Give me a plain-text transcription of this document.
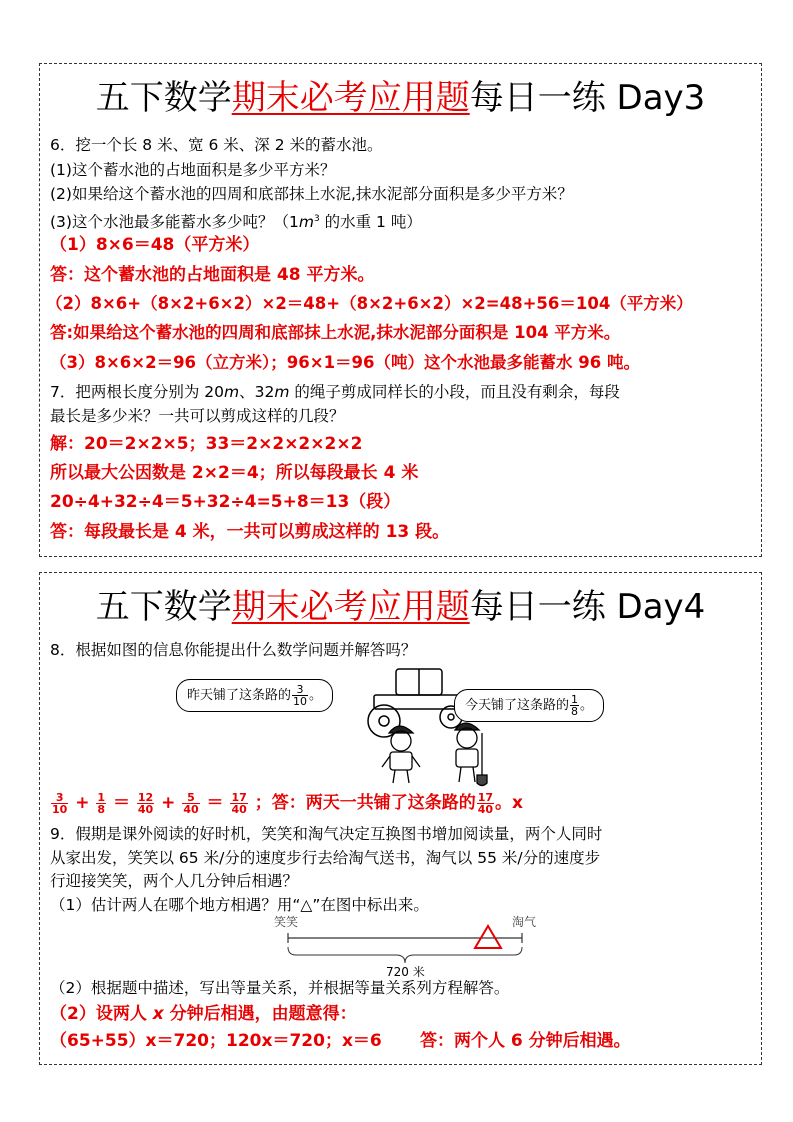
五下数学期末必考应用题每日一练 Day3
6．挖一个长 8 米、宽 6 米、深 2 米的蓄水池。
(1)这个蓄水池的占地面积是多少平方米？
(2)如果给这个蓄水池的四周和底部抹上水泥,抹水泥部分面积是多少平方米？
(3)这个水池最多能蓄水多少吨？（$1m^3$ 的水重 1 吨）
（1）8×6＝48（平方米）
答：这个蓄水池的占地面积是 48 平方米。
（2）8×6+（8×2+6×2）×2＝48+（8×2+6×2）×2=48+56＝104（平方米）
答:如果给这个蓄水池的四周和底部抹上水泥,抹水泥部分面积是 104 平方米。
（3）8×6×2＝96（立方米）；96×1＝96（吨）这个水池最多能蓄水 96 吨。
7．把两根长度分别为 20m、32m 的绳子剪成同样长的小段，而且没有剩余，每段
最长是多少米？一共可以剪成这样的几段？
解：20＝2×2×5；33＝2×2×2×2×2
所以最大公因数是 2×2＝4；所以每段最长 4 米
20÷4+32÷4＝5+32÷4=5+8＝13（段）
答：每段最长是 4 米，一共可以剪成这样的 13 段。
五下数学期末必考应用题每日一练 Day4
8．根据如图的信息你能提出什么数学问题并解答吗？
昨天铺了这条路的 $\frac{3}{10}$ 。
今天铺了这条路的 $\frac{1}{8}$ 。
$\frac{3}{10} + \frac{1}{8} = \frac{12}{40} + \frac{5}{40} = \frac{17}{40}$ ；答：两天一共铺了这条路的 $\frac{17}{40}$ 。x
9．假期是课外阅读的好时机，笑笑和淘气决定互换图书增加阅读量，两个人同时
从家出发，笑笑以 65 米/分的速度步行去给淘气送书，淘气以 55 米/分的速度步
行迎接笑笑，两个人几分钟后相遇？
（1）估计两人在哪个地方相遇？用“△”在图中标出来。
笑笑	淘气
720 米
（2）根据题中描述，写出等量关系，并根据等量关系列方程解答。
（2）设两人 x 分钟后相遇，由题意得：
（65+55）x＝720；120x＝720；x＝6 答：两个人 6 分钟后相遇。
